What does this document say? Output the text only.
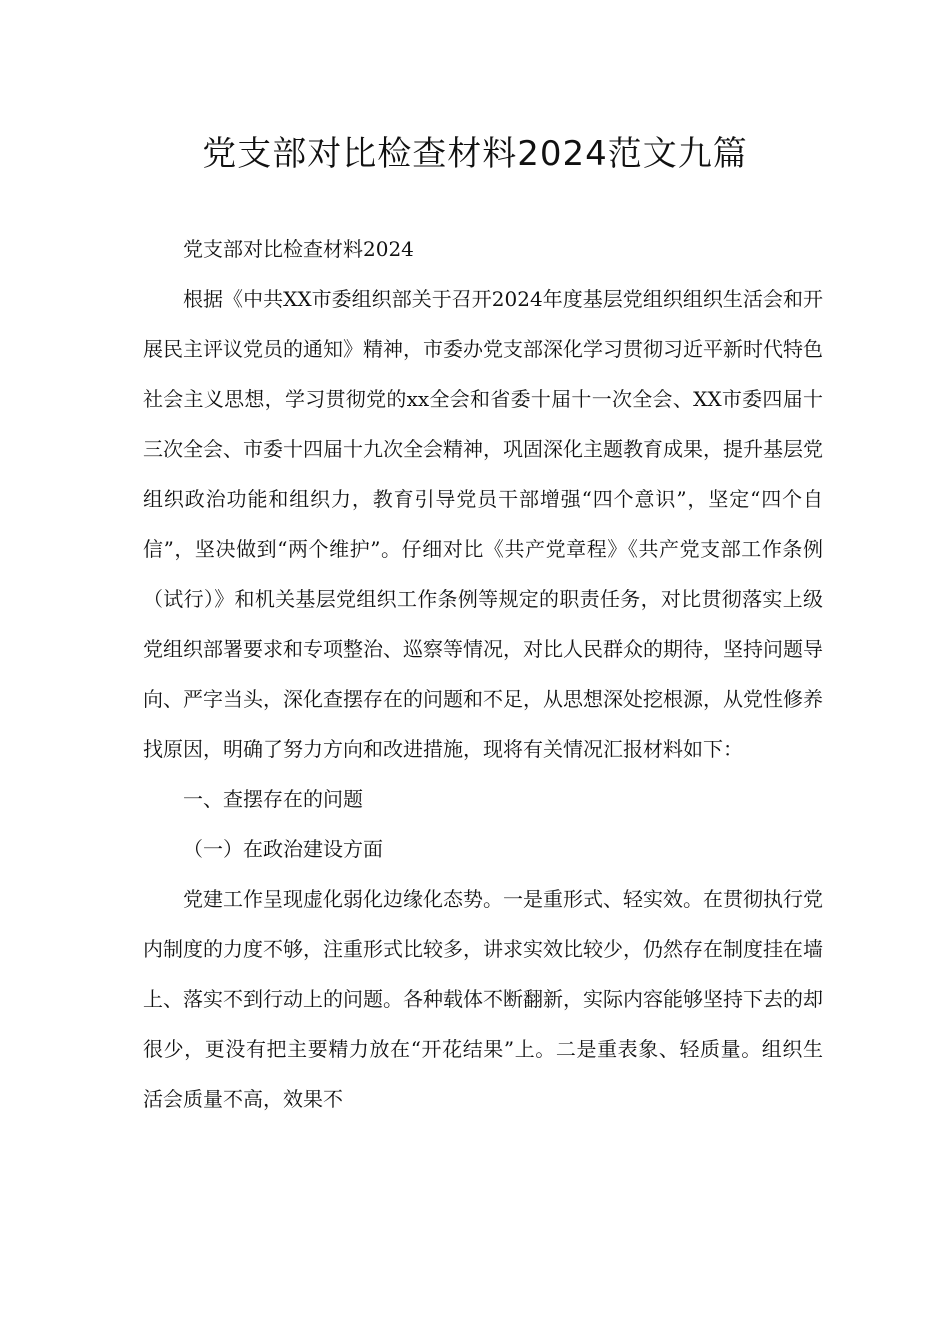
党支部对比检查材料2024范文九篇

党支部对比检查材料2024

根据《中共XX市委组织部关于召开2024年度基层党组织组织生活会和开展民主评议党员的通知》精神，市委办党支部深化学习贯彻习近平新时代特色社会主义思想，学习贯彻党的xx全会和省委十届十一次全会、XX市委四届十三次全会、市委十四届十九次全会精神，巩固深化主题教育成果，提升基层党组织政治功能和组织力，教育引导党员干部增强“四个意识”，坚定“四个自信”，坚决做到“两个维护”。仔细对比《共产党章程》《共产党支部工作条例（试行）》和机关基层党组织工作条例等规定的职责任务，对比贯彻落实上级党组织部署要求和专项整治、巡察等情况，对比人民群众的期待，坚持问题导向、严字当头，深化查摆存在的问题和不足，从思想深处挖根源，从党性修养找原因，明确了努力方向和改进措施，现将有关情况汇报材料如下：

一、查摆存在的问题

（一）在政治建设方面

党建工作呈现虚化弱化边缘化态势。一是重形式、轻实效。在贯彻执行党内制度的力度不够，注重形式比较多，讲求实效比较少，仍然存在制度挂在墙上、落实不到行动上的问题。各种载体不断翻新，实际内容能够坚持下去的却很少，更没有把主要精力放在“开花结果”上。二是重表象、轻质量。组织生活会质量不高，效果不
